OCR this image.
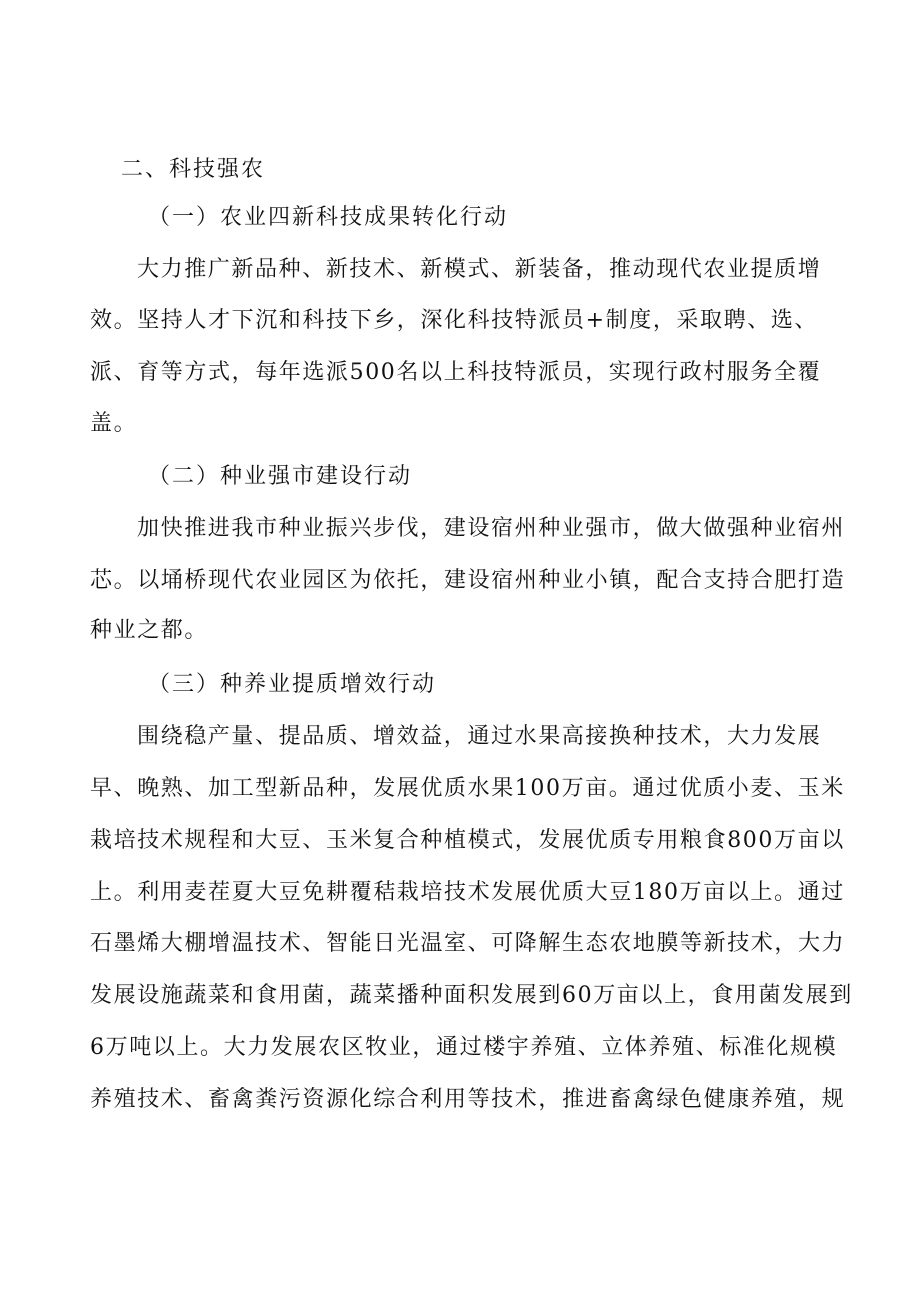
二、科技强农
（一）农业四新科技成果转化行动
大力推广新品种、新技术、新模式、新装备，推动现代农业提质增
效。坚持人才下沉和科技下乡，深化科技特派员+制度，采取聘、选、
派、育等方式，每年选派500名以上科技特派员，实现行政村服务全覆
盖。
（二）种业强市建设行动
加快推进我市种业振兴步伐，建设宿州种业强市，做大做强种业宿州
芯。以埇桥现代农业园区为依托，建设宿州种业小镇，配合支持合肥打造
种业之都。
（三）种养业提质增效行动
围绕稳产量、提品质、增效益，通过水果高接换种技术，大力发展
早、晚熟、加工型新品种，发展优质水果100万亩。通过优质小麦、玉米
栽培技术规程和大豆、玉米复合种植模式，发展优质专用粮食800万亩以
上。利用麦茬夏大豆免耕覆秸栽培技术发展优质大豆180万亩以上。通过
石墨烯大棚增温技术、智能日光温室、可降解生态农地膜等新技术，大力
发展设施蔬菜和食用菌，蔬菜播种面积发展到60万亩以上，食用菌发展到
6万吨以上。大力发展农区牧业，通过楼宇养殖、立体养殖、标准化规模
养殖技术、畜禽粪污资源化综合利用等技术，推进畜禽绿色健康养殖，规
